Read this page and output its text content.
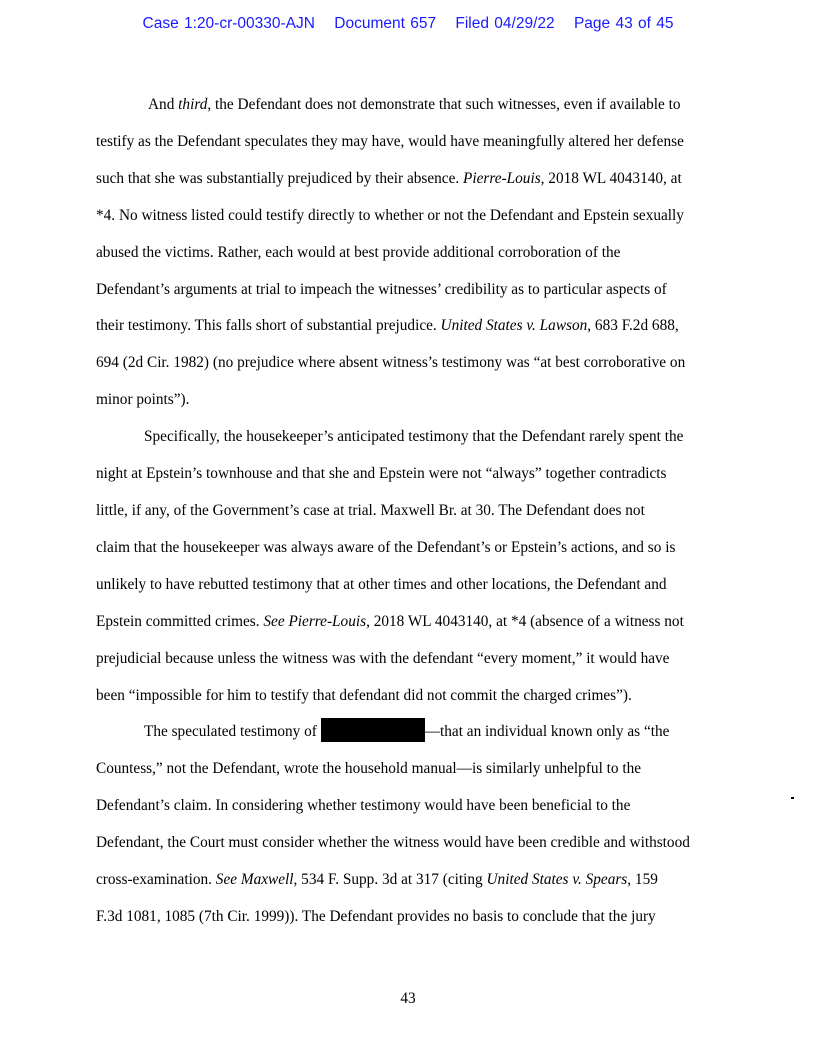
Case 1:20-cr-00330-AJN Document 657 Filed 04/29/22 Page 43 of 45

And third, the Defendant does not demonstrate that such witnesses, even if available to

testify as the Defendant speculates they may have, would have meaningfully altered her defense

such that she was substantially prejudiced by their absence. Pierre-Louis, 2018 WL 4043140, at

*4. No witness listed could testify directly to whether or not the Defendant and Epstein sexually

abused the victims. Rather, each would at best provide additional corroboration of the

Defendant’s arguments at trial to impeach the witnesses’ credibility as to particular aspects of

their testimony. This falls short of substantial prejudice. United States v. Lawson, 683 F.2d 688,

694 (2d Cir. 1982) (no prejudice where absent witness’s testimony was “at best corroborative on

minor points”).

Specifically, the housekeeper’s anticipated testimony that the Defendant rarely spent the

night at Epstein’s townhouse and that she and Epstein were not “always” together contradicts

little, if any, of the Government’s case at trial. Maxwell Br. at 30. The Defendant does not

claim that the housekeeper was always aware of the Defendant’s or Epstein’s actions, and so is

unlikely to have rebutted testimony that at other times and other locations, the Defendant and

Epstein committed crimes. See Pierre-Louis, 2018 WL 4043140, at *4 (absence of a witness not

prejudicial because unless the witness was with the defendant “every moment,” it would have

been “impossible for him to testify that defendant did not commit the charged crimes”).

The speculated testimony of	—that an individual known only as “the

Countess,” not the Defendant, wrote the household manual—is similarly unhelpful to the

Defendant’s claim. In considering whether testimony would have been beneficial to the

Defendant, the Court must consider whether the witness would have been credible and withstood

cross-examination. See Maxwell, 534 F. Supp. 3d at 317 (citing United States v. Spears, 159

F.3d 1081, 1085 (7th Cir. 1999)). The Defendant provides no basis to conclude that the jury

43
